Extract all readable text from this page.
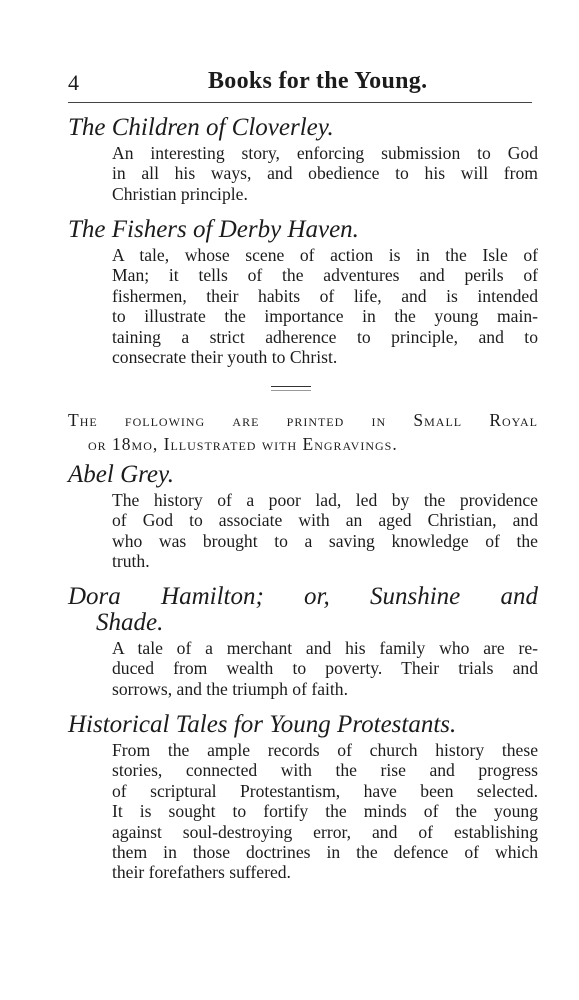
4	Books for the Young.

The Children of Cloverley.

An interesting story, enforcing submission to God
in all his ways, and obedience to his will from
Christian principle.

The Fishers of Derby Haven.

A tale, whose scene of action is in the Isle of
Man; it tells of the adventures and perils of
fishermen, their habits of life, and is intended
to illustrate the importance in the young main-
taining a strict adherence to principle, and to
consecrate their youth to Christ.

The following are printed in Small Royal
or 18mo, Illustrated with Engravings.

Abel Grey.

The history of a poor lad, led by the providence
of God to associate with an aged Christian, and
who was brought to a saving knowledge of the
truth.

Dora Hamilton; or, Sunshine and
Shade.

A tale of a merchant and his family who are re-
duced from wealth to poverty. Their trials and
sorrows, and the triumph of faith.

Historical Tales for Young Protestants.

From the ample records of church history these
stories, connected with the rise and progress
of scriptural Protestantism, have been selected.
It is sought to fortify the minds of the young
against soul-destroying error, and of establishing
them in those doctrines in the defence of which
their forefathers suffered.
